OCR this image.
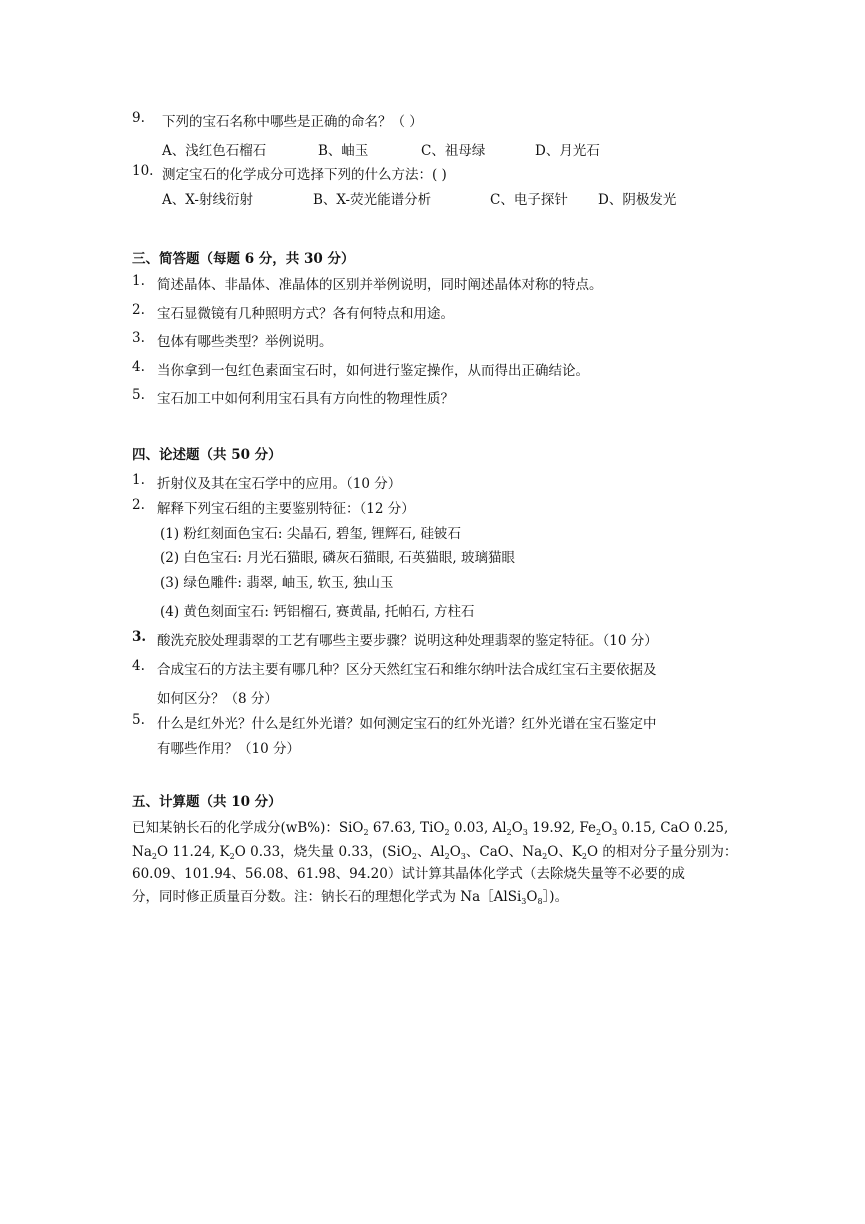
9. 下列的宝石名称中哪些是正确的命名？（ ）
A、浅红色石榴石	B、岫玉	C、祖母绿	D、月光石
10. 测定宝石的化学成分可选择下列的什么方法：( )
A、X-射线衍射	B、X-荧光能谱分析	C、电子探针 D、阴极发光
三、简答题（每题 6 分，共 30 分）
1. 简述晶体、非晶体、准晶体的区别并举例说明，同时阐述晶体对称的特点。
2. 宝石显微镜有几种照明方式？各有何特点和用途。
3. 包体有哪些类型？举例说明。
4. 当你拿到一包红色素面宝石时，如何进行鉴定操作，从而得出正确结论。
5. 宝石加工中如何利用宝石具有方向性的物理性质？
四、论述题（共 50 分）
1. 折射仪及其在宝石学中的应用。（10 分）
2. 解释下列宝石组的主要鉴别特征：（12 分）
(1) 粉红刻面色宝石: 尖晶石, 碧玺, 锂辉石, 硅铍石
(2) 白色宝石: 月光石猫眼, 磷灰石猫眼, 石英猫眼, 玻璃猫眼
(3) 绿色雕件: 翡翠, 岫玉, 软玉, 独山玉
(4) 黄色刻面宝石: 钙铝榴石, 赛黄晶, 托帕石, 方柱石
3. 酸洗充胶处理翡翠的工艺有哪些主要步骤？说明这种处理翡翠的鉴定特征。（10 分）
4. 合成宝石的方法主要有哪几种？区分天然红宝石和维尔纳叶法合成红宝石主要依据及
如何区分？（8 分）
5. 什么是红外光？什么是红外光谱？如何测定宝石的红外光谱？红外光谱在宝石鉴定中
有哪些作用？（10 分）
五、计算题（共 10 分）
已知某钠长石的化学成分(wB%)：SiO$_2$ 67.63, TiO$_2$ 0.03, $Al_2O_3$ 19.92, $Fe_2O_3$ 0.15, CaO 0.25,
$Na_2O$ 11.24, $K_2O$ 0.33，烧失量 0.33，(SiO$_2$、$Al_2O_3$、CaO、$Na_2O$、$K_2O$ 的相对分子量分别为：
60.09、101.94、56.08、61.98、94.20）试计算其晶体化学式（去除烧失量等不必要的成
分，同时修正质量百分数。注：钠长石的理想化学式为 $Na[AlSi_3O_8]$)。
